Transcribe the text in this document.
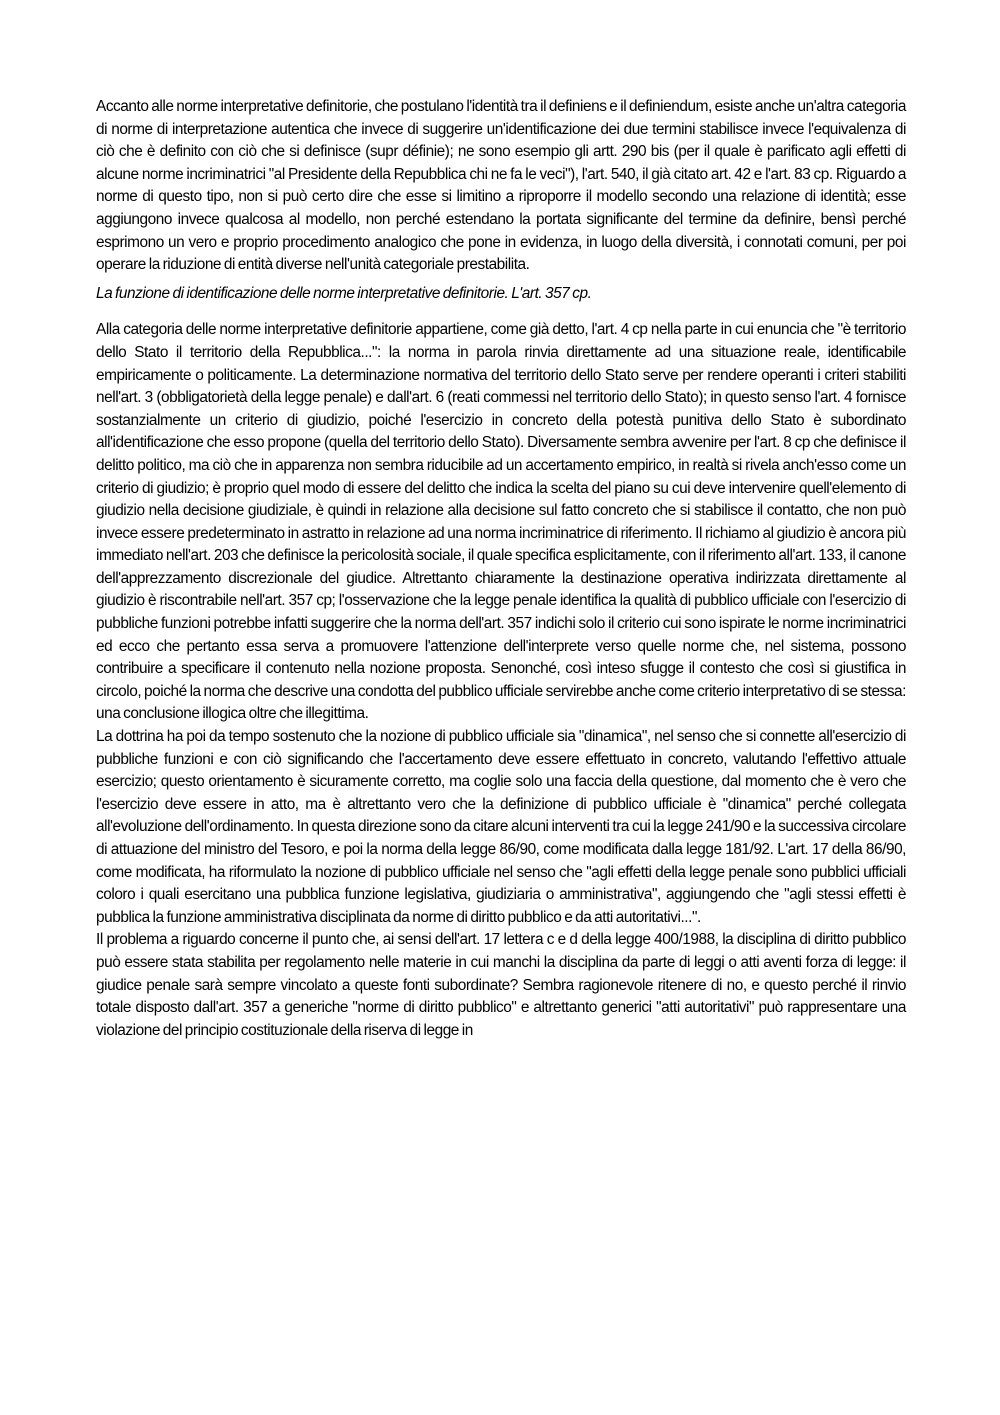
Accanto alle norme interpretative definitorie, che postulano l'identità tra il definiens e il definiendum, esiste anche un'altra categoria di norme di interpretazione autentica che invece di suggerire un'identificazione dei due termini stabilisce invece l'equivalenza di ciò che è definito con ciò che si definisce (supr définie); ne sono esempio gli artt. 290 bis (per il quale è parificato agli effetti di alcune norme incriminatrici "al Presidente della Repubblica chi ne fa le veci"), l'art. 540, il già citato art. 42 e l'art. 83 cp. Riguardo a norme di questo tipo, non si può certo dire che esse si limitino a riproporre il modello secondo una relazione di identità; esse aggiungono invece qualcosa al modello, non perché estendano la portata significante del termine da definire, bensì perché esprimono un vero e proprio procedimento analogico che pone in evidenza, in luogo della diversità, i connotati comuni, per poi operare la riduzione di entità diverse nell'unità categoriale prestabilita.

La funzione di identificazione delle norme interpretative definitorie. L'art. 357 cp.

Alla categoria delle norme interpretative definitorie appartiene, come già detto, l'art. 4 cp nella parte in cui enuncia che "è territorio dello Stato il territorio della Repubblica...": la norma in parola rinvia direttamente ad una situazione reale, identificabile empiricamente o politicamente. La determinazione normativa del territorio dello Stato serve per rendere operanti i criteri stabiliti nell'art. 3 (obbligatorietà della legge penale) e dall'art. 6 (reati commessi nel territorio dello Stato); in questo senso l'art. 4 fornisce sostanzialmente un criterio di giudizio, poiché l'esercizio in concreto della potestà punitiva dello Stato è subordinato all'identificazione che esso propone (quella del territorio dello Stato). Diversamente sembra avvenire per l'art. 8 cp che definisce il delitto politico, ma ciò che in apparenza non sembra riducibile ad un accertamento empirico, in realtà si rivela anch'esso come un criterio di giudizio; è proprio quel modo di essere del delitto che indica la scelta del piano su cui deve intervenire quell'elemento di giudizio nella decisione giudiziale, è quindi in relazione alla decisione sul fatto concreto che si stabilisce il contatto, che non può invece essere predeterminato in astratto in relazione ad una norma incriminatrice di riferimento. Il richiamo al giudizio è ancora più immediato nell'art. 203 che definisce la pericolosità sociale, il quale specifica esplicitamente, con il riferimento all'art. 133, il canone dell'apprezzamento discrezionale del giudice. Altrettanto chiaramente la destinazione operativa indirizzata direttamente al giudizio è riscontrabile nell'art. 357 cp; l'osservazione che la legge penale identifica la qualità di pubblico ufficiale con l'esercizio di pubbliche funzioni potrebbe infatti suggerire che la norma dell'art. 357 indichi solo il criterio cui sono ispirate le norme incriminatrici ed ecco che pertanto essa serva a promuovere l'attenzione dell'interprete verso quelle norme che, nel sistema, possono contribuire a specificare il contenuto nella nozione proposta. Senonché, così inteso sfugge il contesto che così si giustifica in circolo, poiché la norma che descrive una condotta del pubblico ufficiale servirebbe anche come criterio interpretativo di se stessa: una conclusione illogica oltre che illegittima.

La dottrina ha poi da tempo sostenuto che la nozione di pubblico ufficiale sia "dinamica", nel senso che si connette all'esercizio di pubbliche funzioni e con ciò significando che l'accertamento deve essere effettuato in concreto, valutando l'effettivo attuale esercizio; questo orientamento è sicuramente corretto, ma coglie solo una faccia della questione, dal momento che è vero che l'esercizio deve essere in atto, ma è altrettanto vero che la definizione di pubblico ufficiale è "dinamica" perché collegata all'evoluzione dell'ordinamento. In questa direzione sono da citare alcuni interventi tra cui la legge 241/90 e la successiva circolare di attuazione del ministro del Tesoro, e poi la norma della legge 86/90, come modificata dalla legge 181/92. L'art. 17 della 86/90, come modificata, ha riformulato la nozione di pubblico ufficiale nel senso che "agli effetti della legge penale sono pubblici ufficiali coloro i quali esercitano una pubblica funzione legislativa, giudiziaria o amministrativa", aggiungendo che "agli stessi effetti è pubblica la funzione amministrativa disciplinata da norme di diritto pubblico e da atti autoritativi...".

Il problema a riguardo concerne il punto che, ai sensi dell'art. 17 lettera c e d della legge 400/1988, la disciplina di diritto pubblico può essere stata stabilita per regolamento nelle materie in cui manchi la disciplina da parte di leggi o atti aventi forza di legge: il giudice penale sarà sempre vincolato a queste fonti subordinate? Sembra ragionevole ritenere di no, e questo perché il rinvio totale disposto dall'art. 357 a generiche "norme di diritto pubblico" e altrettanto generici "atti autoritativi" può rappresentare una violazione del principio costituzionale della riserva di legge in
